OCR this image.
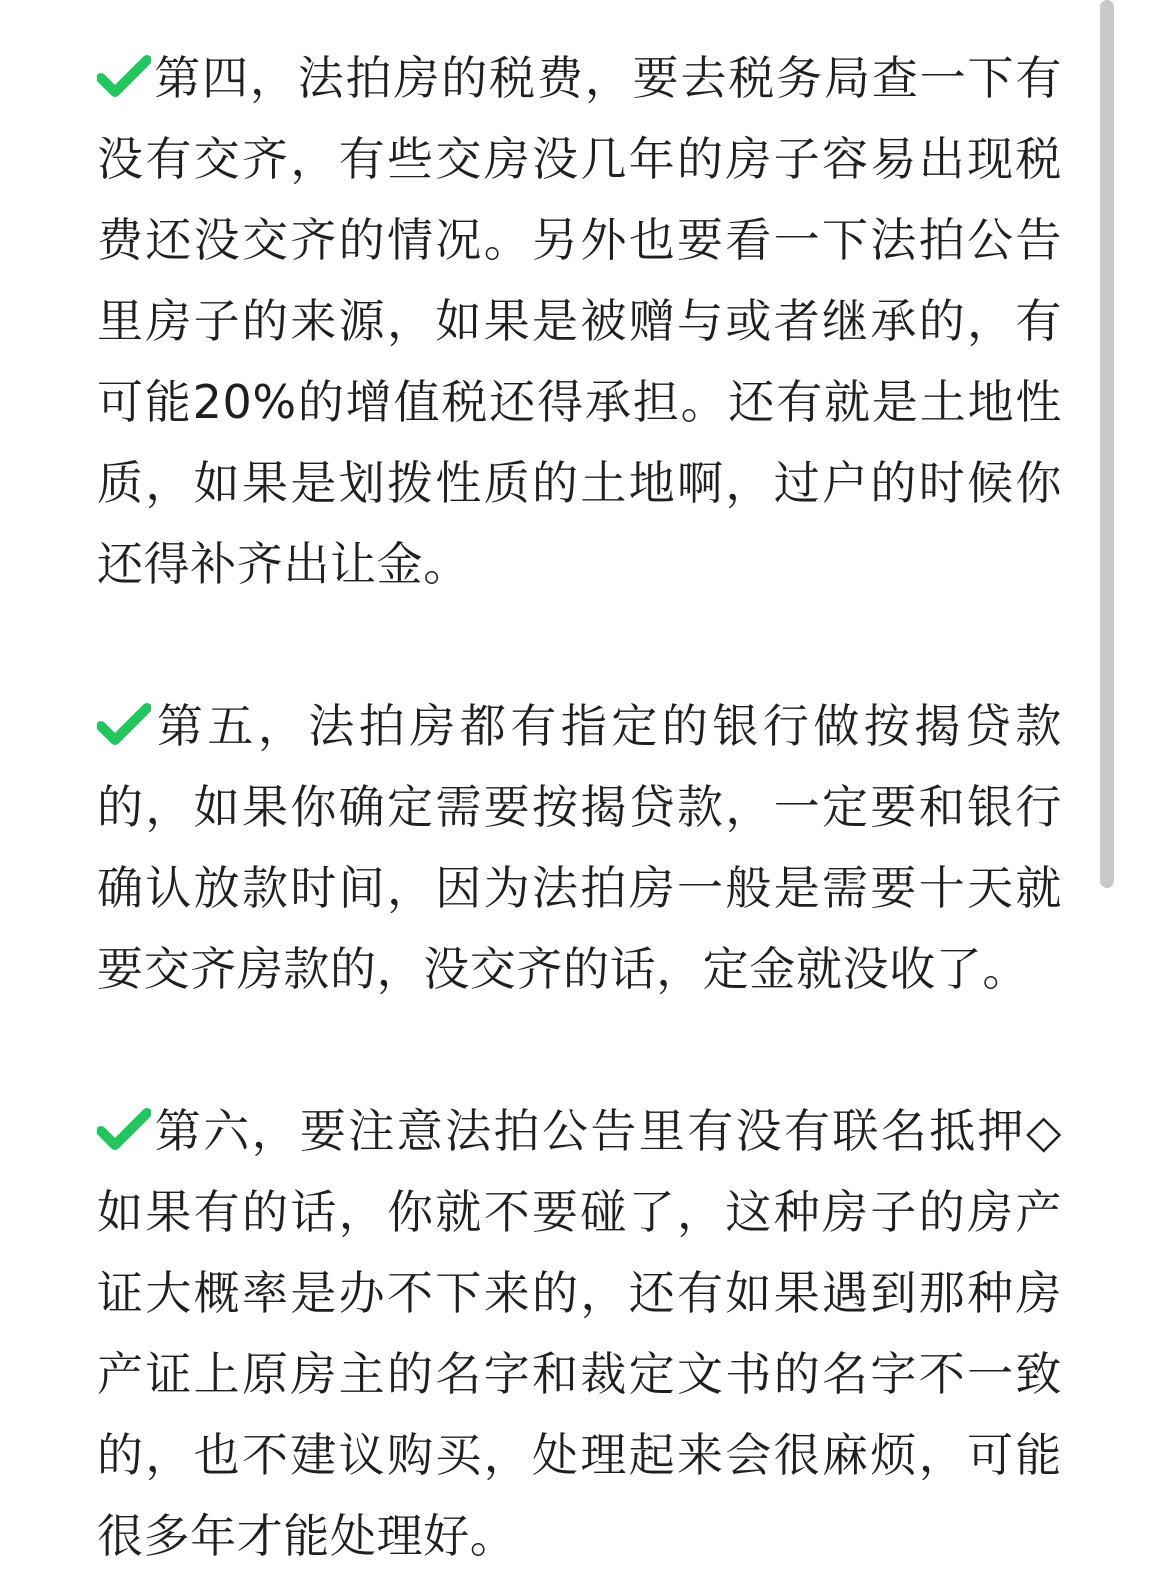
第四，法拍房的税费，要去税务局查一下有没有交齐，有些交房没几年的房子容易出现税费还没交齐的情况。另外也要看一下法拍公告里房子的来源，如果是被赠与或者继承的，有可能20%的增值税还得承担。还有就是土地性质，如果是划拨性质的土地啊，过户的时候你还得补齐出让金。

第五，法拍房都有指定的银行做按揭贷款的，如果你确定需要按揭贷款，一定要和银行确认放款时间，因为法拍房一般是需要十天就要交齐房款的，没交齐的话，定金就没收了。

第六，要注意法拍公告里有没有联名抵押◇如果有的话，你就不要碰了，这种房子的房产证大概率是办不下来的，还有如果遇到那种房产证上原房主的名字和裁定文书的名字不一致的，也不建议购买，处理起来会很麻烦，可能很多年才能处理好。
